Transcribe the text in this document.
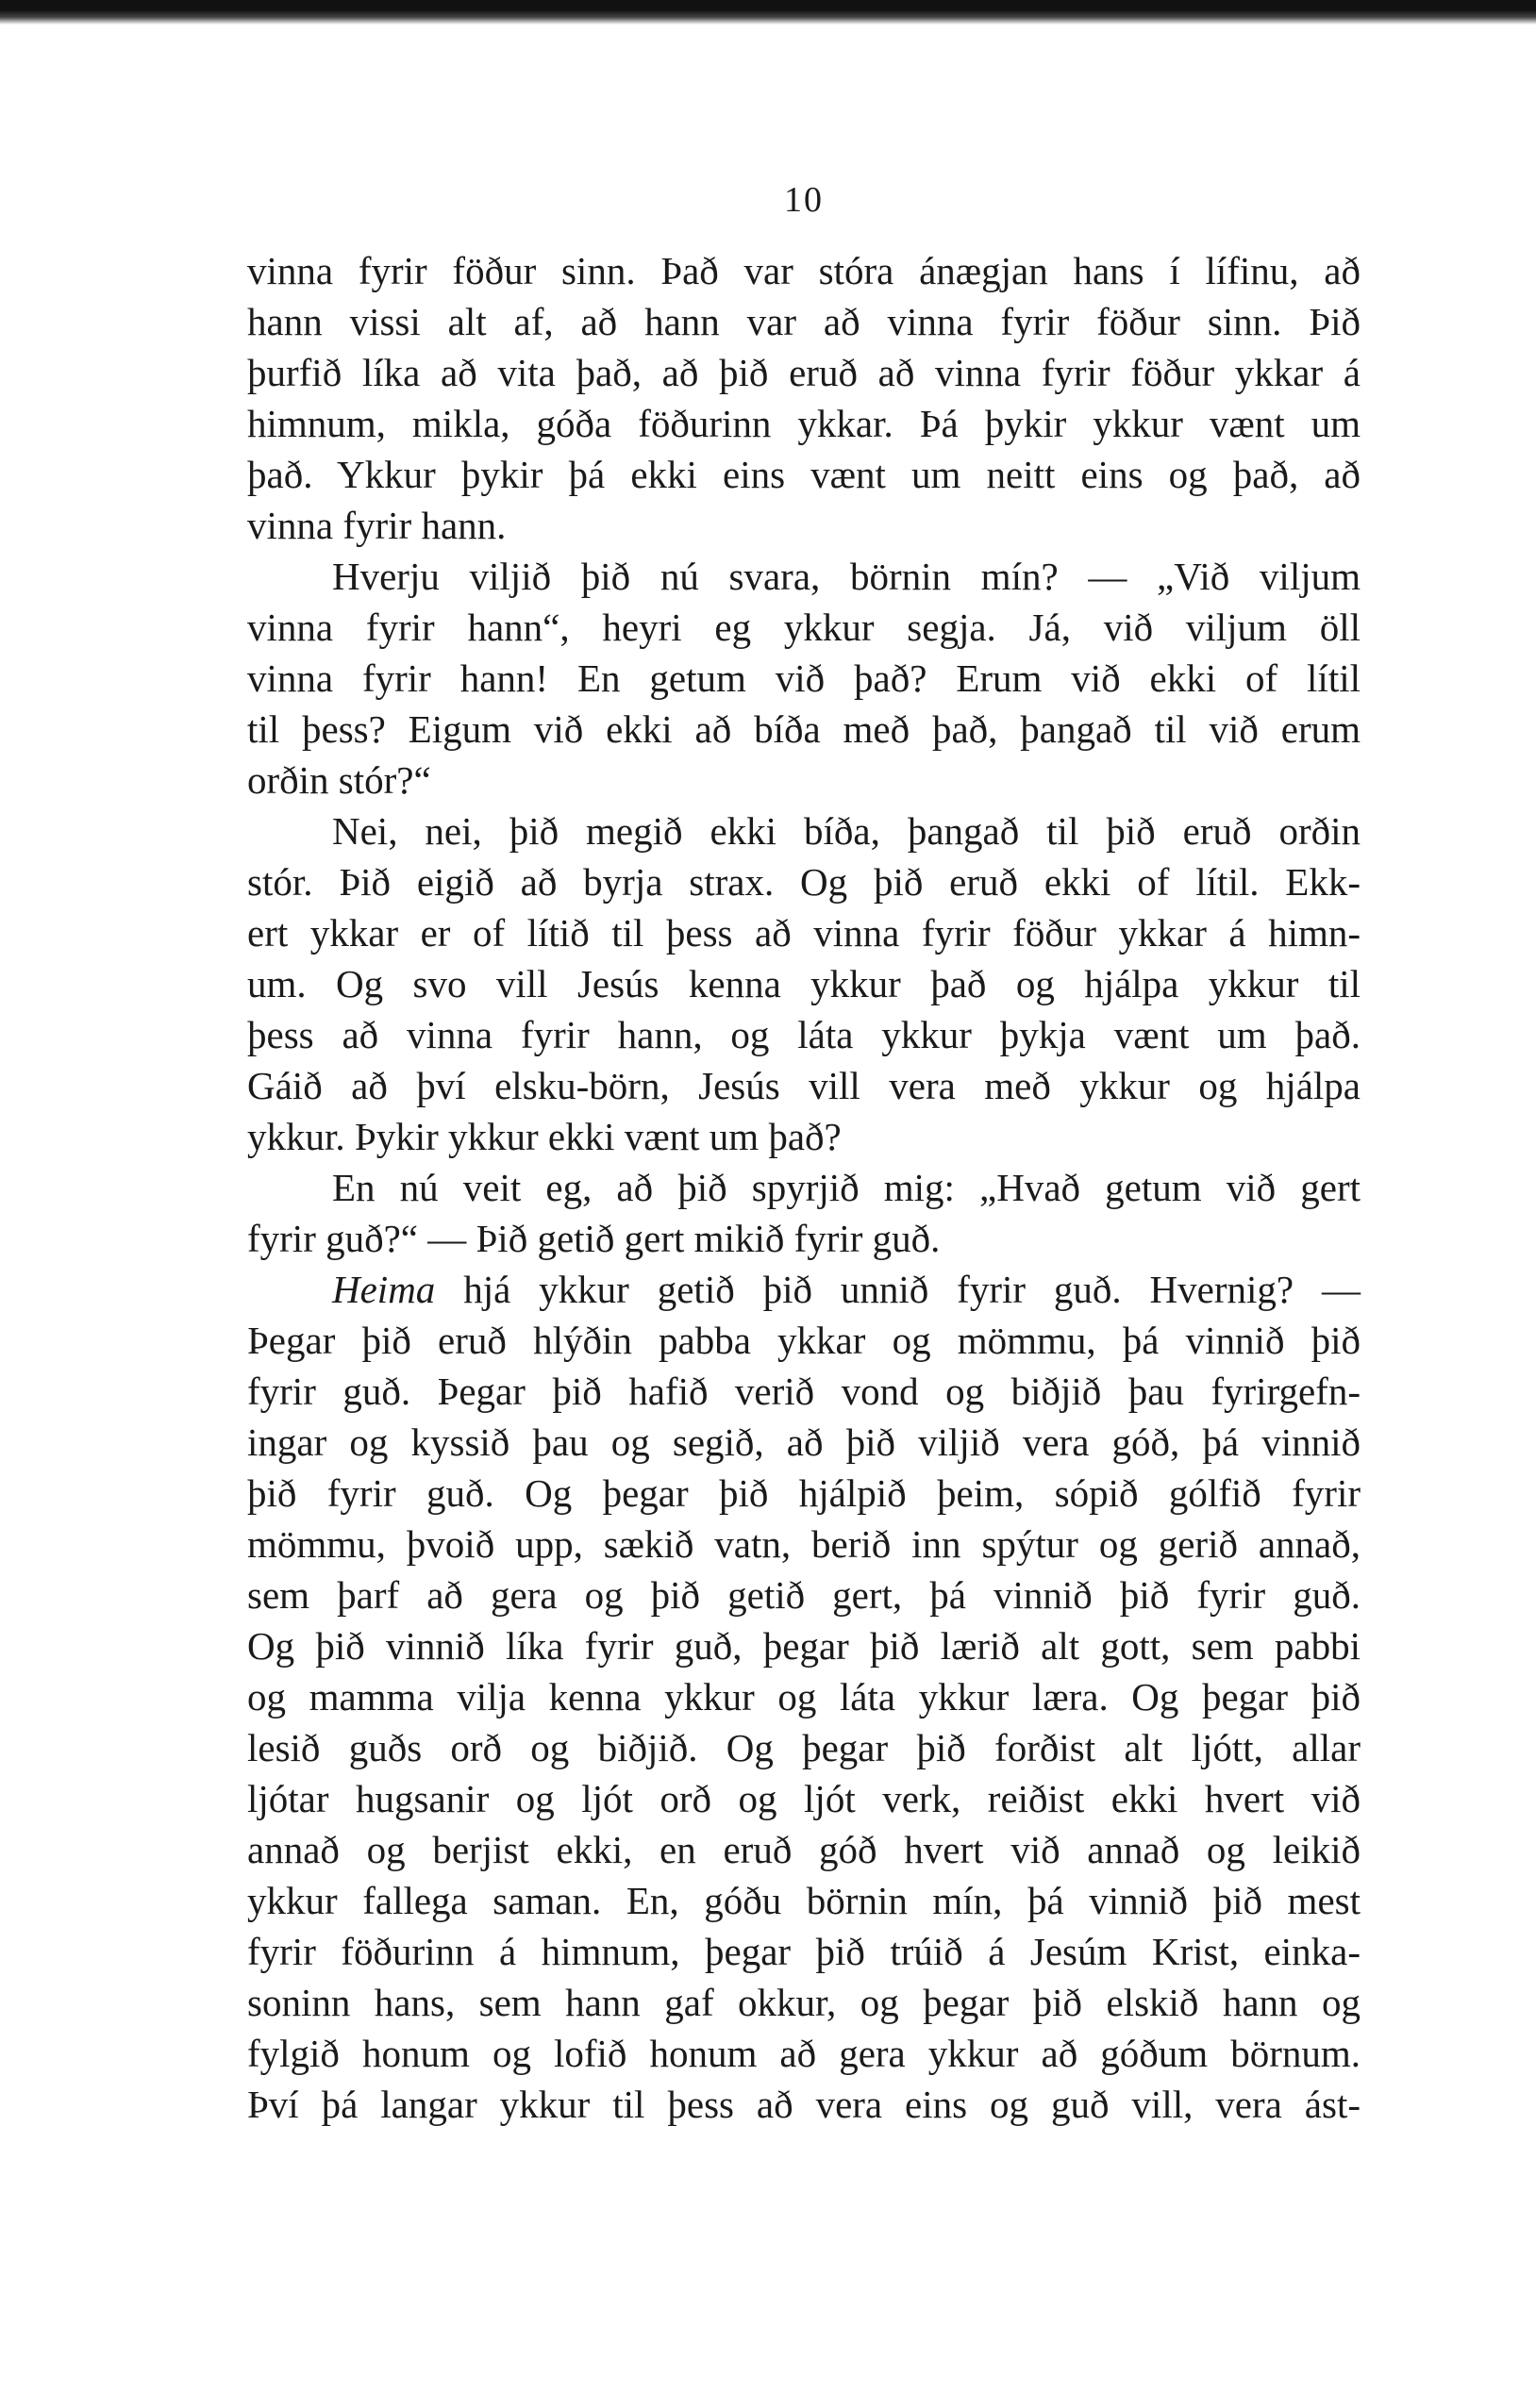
10

vinna fyrir föður sinn. Það var stóra ánægjan hans í lífinu, að
hann vissi alt af, að hann var að vinna fyrir föður sinn. Þið
þurfið líka að vita það, að þið eruð að vinna fyrir föður ykkar á
himnum, mikla, góða föðurinn ykkar. Þá þykir ykkur vænt um
það. Ykkur þykir þá ekki eins vænt um neitt eins og það, að
vinna fyrir hann.

Hverju viljið þið nú svara, börnin mín? — „Við viljum
vinna fyrir hann“, heyri eg ykkur segja. Já, við viljum öll
vinna fyrir hann! En getum við það? Erum við ekki of lítil
til þess? Eigum við ekki að bíða með það, þangað til við erum
orðin stór?“

Nei, nei, þið megið ekki bíða, þangað til þið eruð orðin
stór. Þið eigið að byrja strax. Og þið eruð ekki of lítil. Ekk-
ert ykkar er of lítið til þess að vinna fyrir föður ykkar á himn-
um. Og svo vill Jesús kenna ykkur það og hjálpa ykkur til
þess að vinna fyrir hann, og láta ykkur þykja vænt um það.
Gáið að því elsku-börn, Jesús vill vera með ykkur og hjálpa
ykkur. Þykir ykkur ekki vænt um það?

En nú veit eg, að þið spyrjið mig: „Hvað getum við gert
fyrir guð?“ — Þið getið gert mikið fyrir guð.

Heima hjá ykkur getið þið unnið fyrir guð. Hvernig? —
Þegar þið eruð hlýðin pabba ykkar og mömmu, þá vinnið þið
fyrir guð. Þegar þið hafið verið vond og biðjið þau fyrirgefn-
ingar og kyssið þau og segið, að þið viljið vera góð, þá vinnið
þið fyrir guð. Og þegar þið hjálpið þeim, sópið gólfið fyrir
mömmu, þvoið upp, sækið vatn, berið inn spýtur og gerið annað,
sem þarf að gera og þið getið gert, þá vinnið þið fyrir guð.
Og þið vinnið líka fyrir guð, þegar þið lærið alt gott, sem pabbi
og mamma vilja kenna ykkur og láta ykkur læra. Og þegar þið
lesið guðs orð og biðjið. Og þegar þið forðist alt ljótt, allar
ljótar hugsanir og ljót orð og ljót verk, reiðist ekki hvert við
annað og berjist ekki, en eruð góð hvert við annað og leikið
ykkur fallega saman. En, góðu börnin mín, þá vinnið þið mest
fyrir föðurinn á himnum, þegar þið trúið á Jesúm Krist, einka-
soninn hans, sem hann gaf okkur, og þegar þið elskið hann og
fylgið honum og lofið honum að gera ykkur að góðum börnum.
Því þá langar ykkur til þess að vera eins og guð vill, vera ást-
